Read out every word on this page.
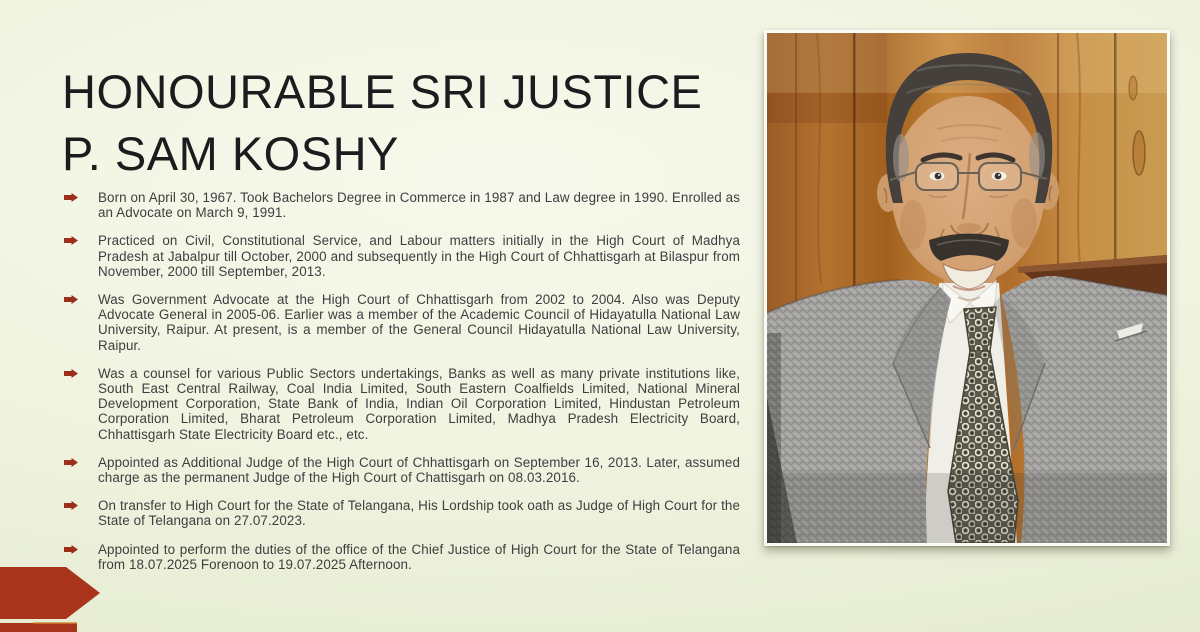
HONOURABLE SRI JUSTICE
P. SAM KOSHY

Born on April 30, 1967. Took Bachelors Degree in Commerce in 1987 and Law degree in 1990. Enrolled as an Advocate on March 9, 1991.

Practiced on Civil, Constitutional Service, and Labour matters initially in the High Court of Madhya Pradesh at Jabalpur till October, 2000 and subsequently in the High Court of Chhattisgarh at Bilaspur from November, 2000 till September, 2013.

Was Government Advocate at the High Court of Chhattisgarh from 2002 to 2004. Also was Deputy Advocate General in 2005-06. Earlier was a member of the Academic Council of Hidayatulla National Law University, Raipur. At present, is a member of the General Council Hidayatulla National Law University, Raipur.

Was a counsel for various Public Sectors undertakings, Banks as well as many private institutions like, South East Central Railway, Coal India Limited, South Eastern Coalfields Limited, National Mineral Development Corporation, State Bank of India, Indian Oil Corporation Limited, Hindustan Petroleum Corporation Limited, Bharat Petroleum Corporation Limited, Madhya Pradesh Electricity Board, Chhattisgarh State Electricity Board etc., etc.

Appointed as Additional Judge of the High Court of Chhattisgarh on September 16, 2013. Later, assumed charge as the permanent Judge of the High Court of Chattisgarh on 08.03.2016.

On transfer to High Court for the State of Telangana, His Lordship took oath as Judge of High Court for the State of Telangana on 27.07.2023.

Appointed to perform the duties of the office of the Chief Justice of High Court for the State of Telangana from 18.07.2025 Forenoon to 19.07.2025 Afternoon.
